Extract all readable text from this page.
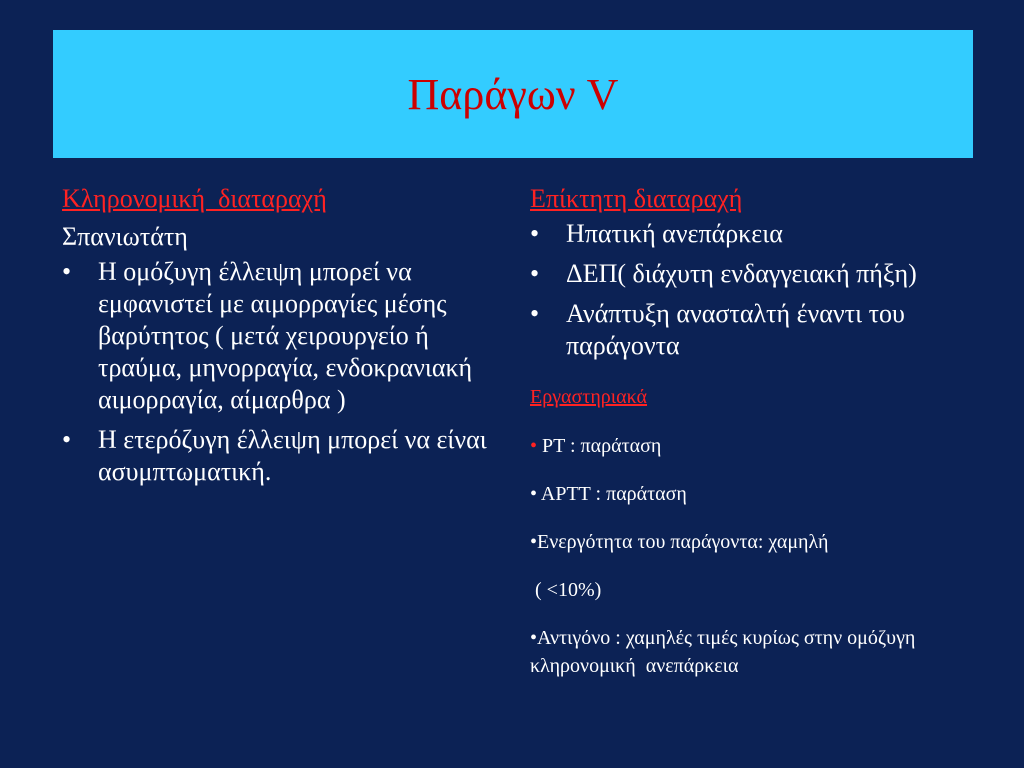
Παράγων V
Κληρονομική  διαταραχή
Σπανιωτάτη
• Η ομόζυγη έλλειψη μπορεί να εμφανιστεί με αιμορραγίες μέσης βαρύτητος ( μετά χειρουργείο ή τραύμα, μηνορραγία, ενδοκρανιακή αιμορραγία, αίμαρθρα )
• Η ετερόζυγη έλλειψη μπορεί να είναι ασυμπτωματική.
Επίκτητη διαταραχή
• Ηπατική ανεπάρκεια
• ΔΕΠ( διάχυτη ενδαγγειακή πήξη)
• Ανάπτυξη ανασταλτή έναντι του παράγοντα
Εργαστηριακά
• PT : παράταση
• APTT : παράταση
•Ενεργότητα του παράγοντα: χαμηλή
( <10%)
•Αντιγόνο : χαμηλές τιμές κυρίως στην ομόζυγη κληρονομική  ανεπάρκεια
